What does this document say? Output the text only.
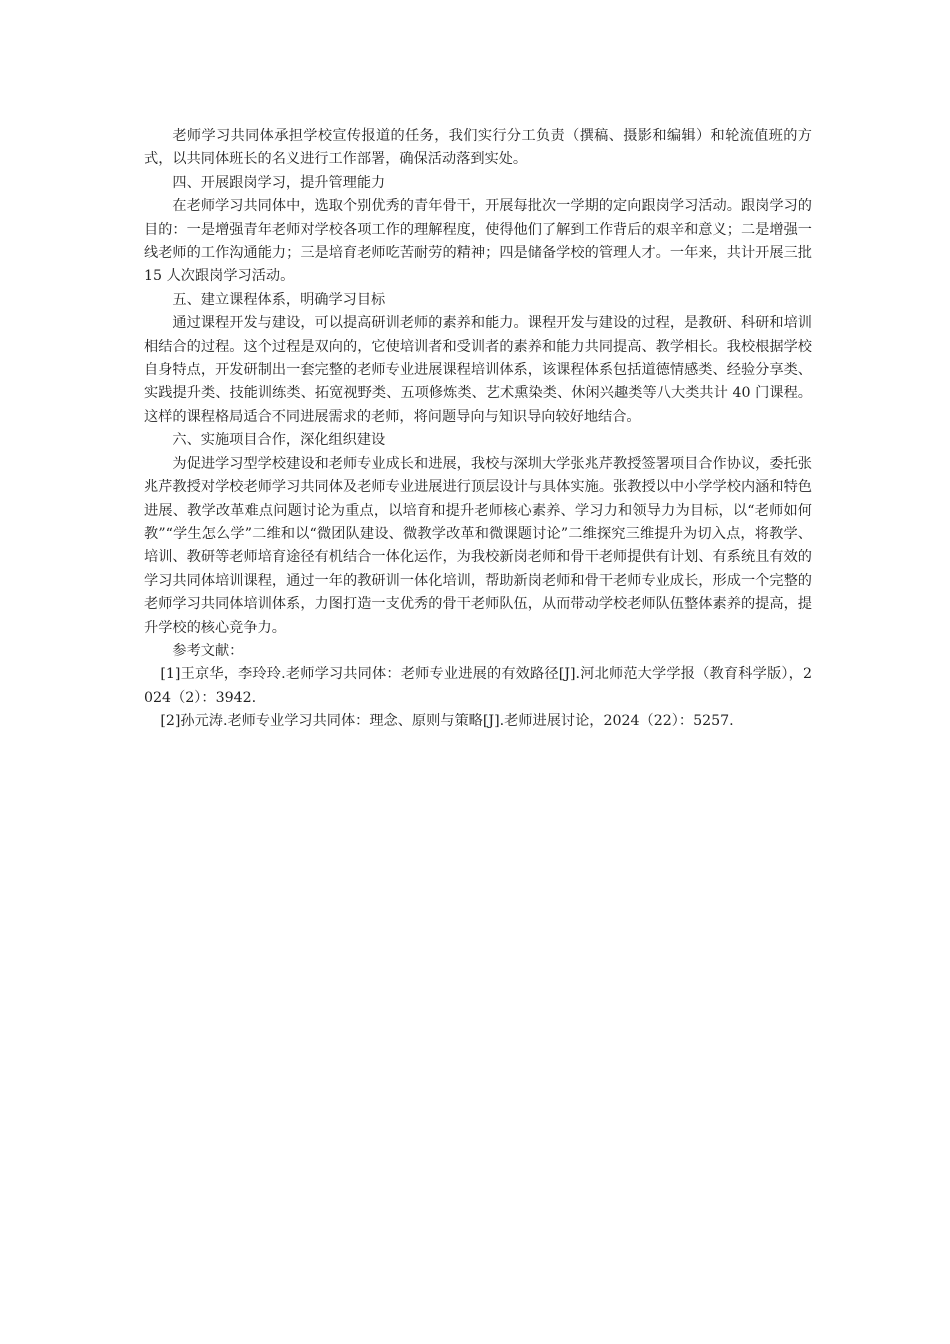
老师学习共同体承担学校宣传报道的任务，我们实行分工负责（撰稿、摄影和编辑）和轮流值班的方式，以共同体班长的名义进行工作部署，确保活动落到实处。

四、开展跟岗学习，提升管理能力

在老师学习共同体中，选取个别优秀的青年骨干，开展每批次一学期的定向跟岗学习活动。跟岗学习的目的：一是增强青年老师对学校各项工作的理解程度，使得他们了解到工作背后的艰辛和意义；二是增强一线老师的工作沟通能力；三是培育老师吃苦耐劳的精神；四是储备学校的管理人才。一年来，共计开展三批 15 人次跟岗学习活动。

五、建立课程体系，明确学习目标

通过课程开发与建设，可以提高研训老师的素养和能力。课程开发与建设的过程，是教研、科研和培训相结合的过程。这个过程是双向的，它使培训者和受训者的素养和能力共同提高、教学相长。我校根据学校自身特点，开发研制出一套完整的老师专业进展课程培训体系，该课程体系包括道德情感类、经验分享类、实践提升类、技能训练类、拓宽视野类、五项修炼类、艺术熏染类、休闲兴趣类等八大类共计 40 门课程。这样的课程格局适合不同进展需求的老师，将问题导向与知识导向较好地结合。

六、实施项目合作，深化组织建设

为促进学习型学校建设和老师专业成长和进展，我校与深圳大学张兆芹教授签署项目合作协议，委托张兆芹教授对学校老师学习共同体及老师专业进展进行顶层设计与具体实施。张教授以中小学学校内涵和特色进展、教学改革难点问题讨论为重点，以培育和提升老师核心素养、学习力和领导力为目标，以“老师如何教”“学生怎么学”二维和以“微团队建设、微教学改革和微课题讨论”二维探究三维提升为切入点，将教学、培训、教研等老师培育途径有机结合一体化运作，为我校新岗老师和骨干老师提供有计划、有系统且有效的学习共同体培训课程，通过一年的教研训一体化培训，帮助新岗老师和骨干老师专业成长，形成一个完整的老师学习共同体培训体系，力图打造一支优秀的骨干老师队伍，从而带动学校老师队伍整体素养的提高，提升学校的核心竞争力。

参考文献：

[1]王京华，李玲玲.老师学习共同体：老师专业进展的有效路径[J].河北师范大学学报（教育科学版），2024（2）：3942.

[2]孙元涛.老师专业学习共同体：理念、原则与策略[J].老师进展讨论，2024（22）：5257.
